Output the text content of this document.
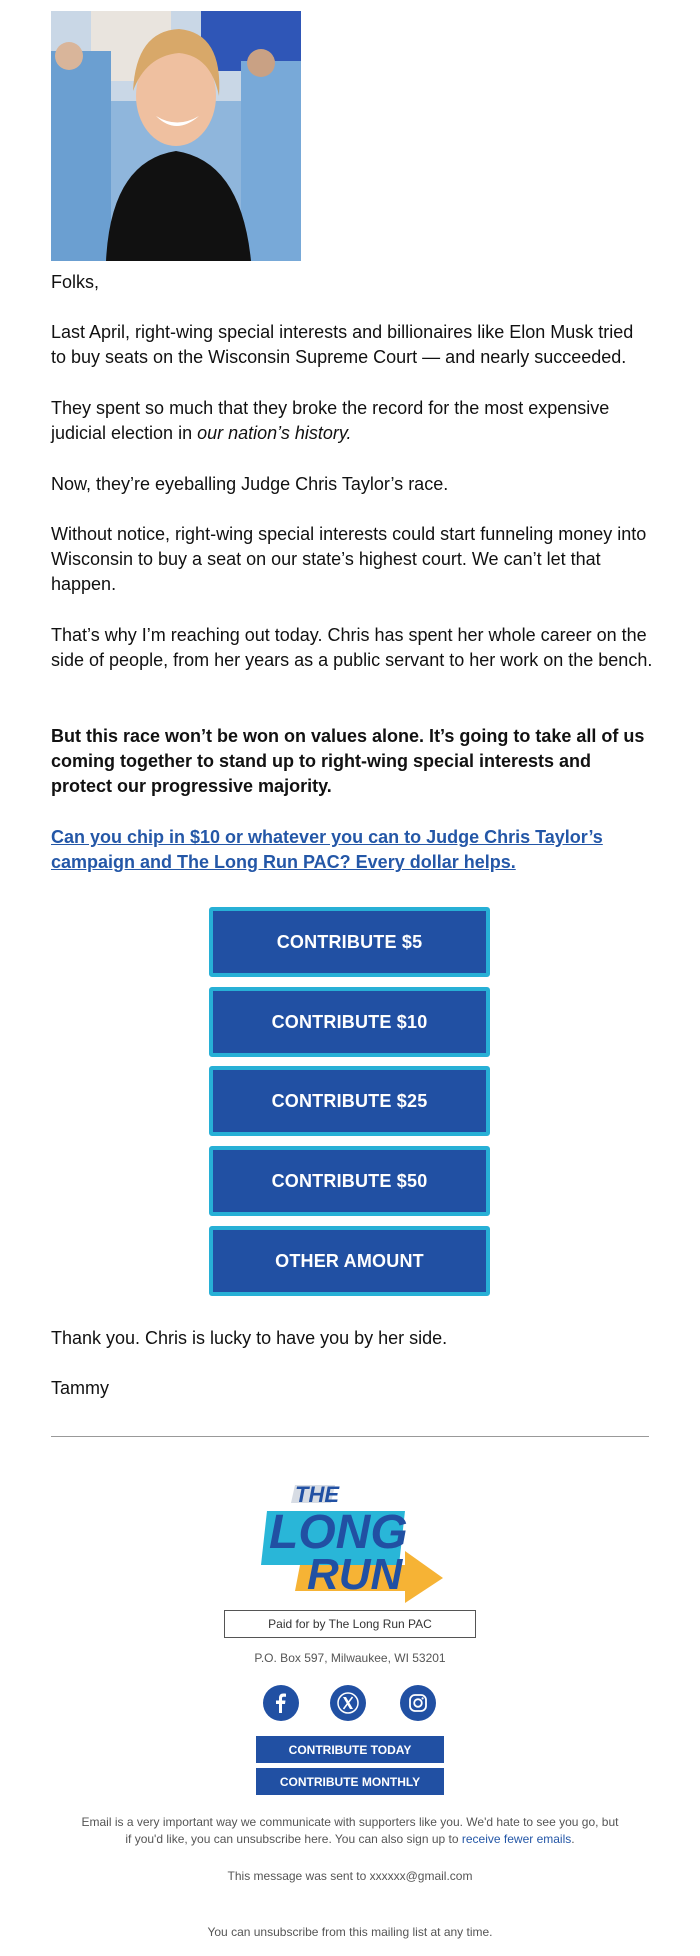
Folks,

Last April, right-wing special interests and billionaires like Elon Musk tried to buy seats on the Wisconsin Supreme Court — and nearly succeeded.

They spent so much that they broke the record for the most expensive judicial election in our nation’s history.

Now, they’re eyeballing Judge Chris Taylor’s race.

Without notice, right-wing special interests could start funneling money into Wisconsin to buy a seat on our state’s highest court. We can’t let that happen.

That’s why I’m reaching out today. Chris has spent her whole career on the side of people, from her years as a public servant to her work on the bench.

But this race won’t be won on values alone. It’s going to take all of us coming together to stand up to right-wing special interests and protect our progressive majority.

Can you chip in $10 or whatever you can to Judge Chris Taylor’s campaign and The Long Run PAC? Every dollar helps.

CONTRIBUTE $5
CONTRIBUTE $10
CONTRIBUTE $25
CONTRIBUTE $50
OTHER AMOUNT

Thank you. Chris is lucky to have you by her side.

Tammy

THE
LONG
RUN
Paid for by The Long Run PAC
P.O. Box 597, Milwaukee, WI 53201
CONTRIBUTE TODAY
CONTRIBUTE MONTHLY
Email is a very important way we communicate with supporters like you. We'd hate to see you go, but
if you'd like, you can unsubscribe here. You can also sign up to receive fewer emails.
This message was sent to xxxxxx@gmail.com
You can unsubscribe from this mailing list at any time.
